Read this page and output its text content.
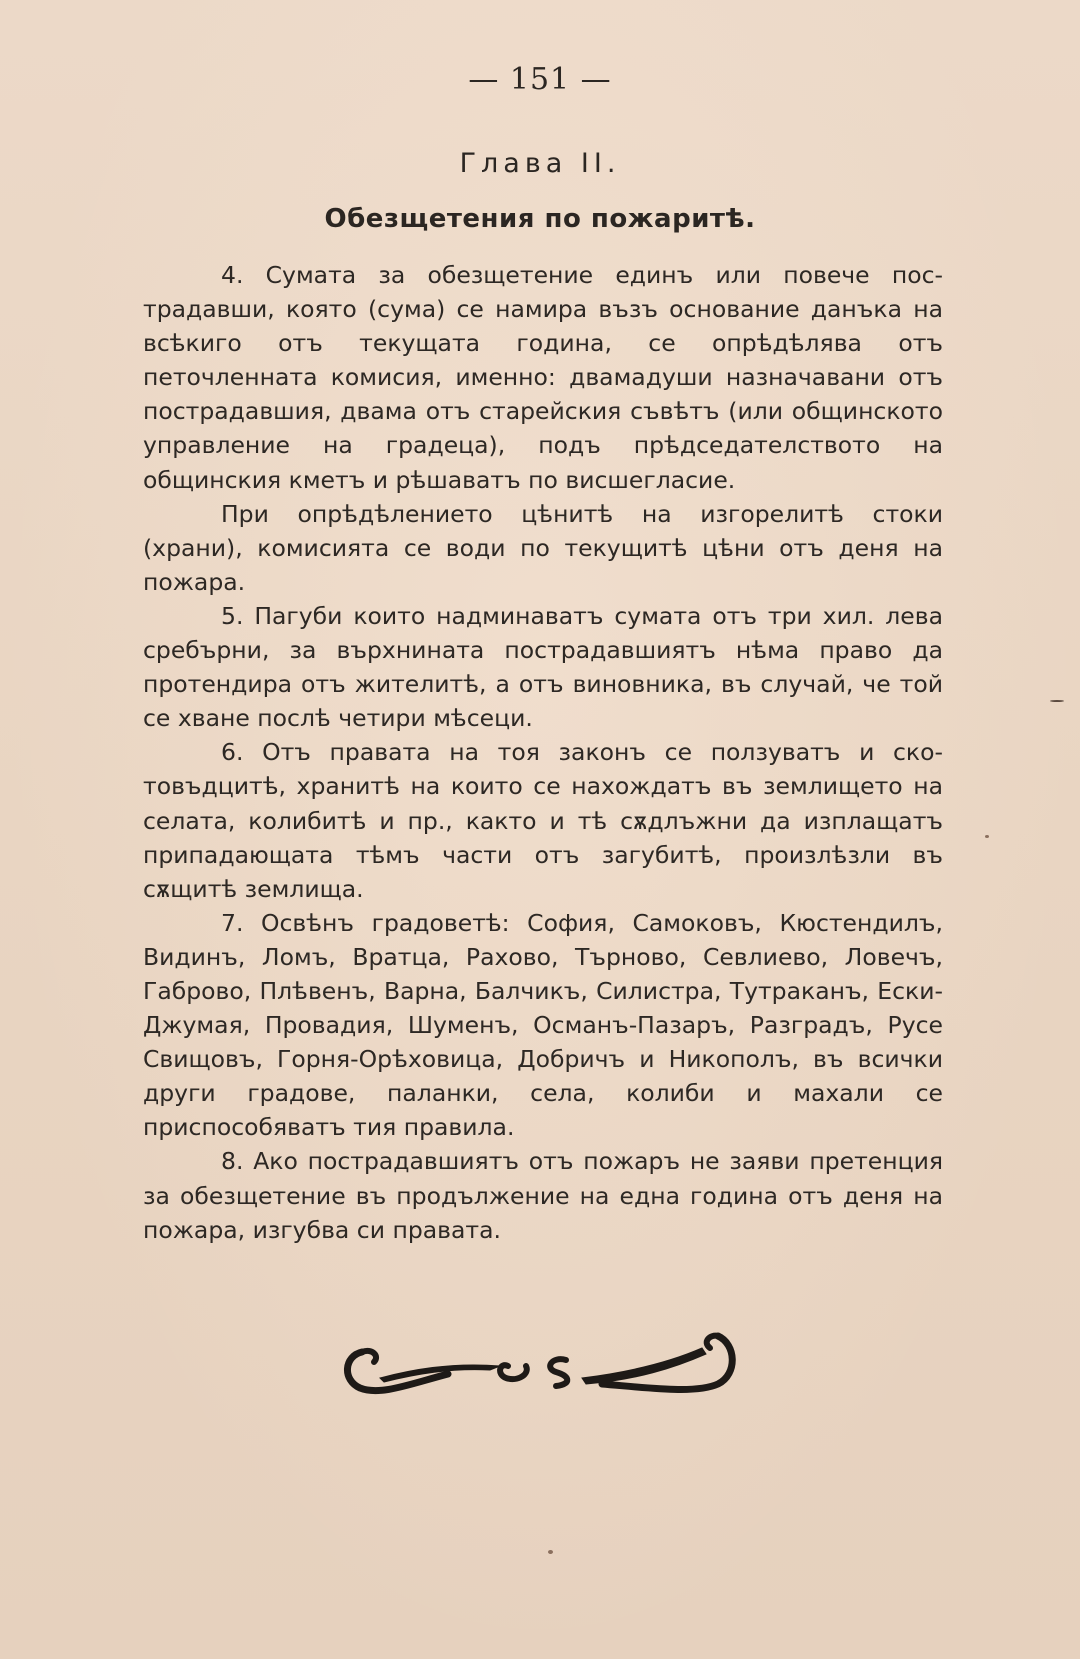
— 151 —
Глава II.
Обезщетения по пожаритѣ.

4. Сумата за обезщетение единъ или повече пострадавши, която (сума) се намира възъ основание данъка на всѣкиго отъ текущата година, се опрѣдѣлява отъ петочленната комисия, именно: двамадуши назначавани отъ пострадавшия, двама отъ старейския съвѣтъ (или общинското управление на градеца), подъ прѣдседателството на общинския кметъ и рѣшаватъ по висшегласие.

При опрѣдѣлението цѣнитѣ на изгорелитѣ стоки (храни), комисията се води по текущитѣ цѣни отъ деня на пожара.

5. Пагуби които надминаватъ сумата отъ три хил. лева сребърни, за върхнината пострадавшиятъ нѣма право да протендира отъ жителитѣ, а отъ виновника, въ случай, че той се хване послѣ четири мѣсеци.

6. Отъ правата на тоя законъ се ползуватъ и скотовъдцитѣ, хранитѣ на които се нахождатъ въ землището на селата, колибитѣ и пр., както и тѣ сѫдлъжни да изплащатъ припадающата тѣмъ части отъ загубитѣ, произлѣзли въ сѫщитѣ землища.

7. Освѣнъ градоветѣ: София, Самоковъ, Кюстендилъ, Видинъ, Ломъ, Вратца, Рахово, Търново, Севлиево, Ловечъ, Габрово, Плѣвенъ, Варна, Балчикъ, Силистра, Тутраканъ, Ески-Джумая, Провадия, Шуменъ, Османъ-Пазаръ, Разградъ, Русе Свищовъ, Горня-Орѣховица, Добричъ и Никополъ, въ всички други градове, паланки, села, колиби и махали се приспособяватъ тия правила.

8. Ако пострадавшиятъ отъ пожаръ не заяви претенция за обезщетение въ продължение на една година отъ деня на пожара, изгубва си правата.
